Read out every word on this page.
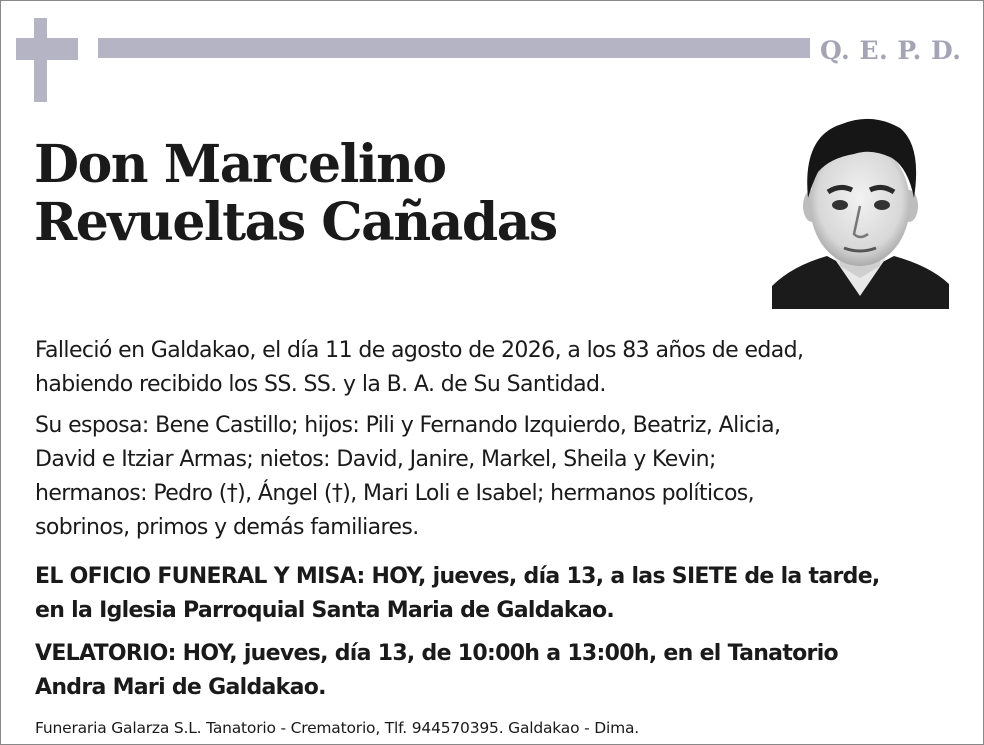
Q. E. P. D.
Don Marcelino
Revueltas Cañadas
Falleció en Galdakao, el día 11 de agosto de 2026, a los 83 años de edad,
habiendo recibido los SS. SS. y la B. A. de Su Santidad.
Su esposa: Bene Castillo; hijos: Pili y Fernando Izquierdo, Beatriz, Alicia,
David e Itziar Armas; nietos: David, Janire, Markel, Sheila y Kevin;
hermanos: Pedro (†), Ángel (†), Mari Loli e Isabel; hermanos políticos,
sobrinos, primos y demás familiares.
EL OFICIO FUNERAL Y MISA: HOY, jueves, día 13, a las SIETE de la tarde,
en la Iglesia Parroquial Santa Maria de Galdakao.
VELATORIO: HOY, jueves, día 13, de 10:00h a 13:00h, en el Tanatorio
Andra Mari de Galdakao.
Funeraria Galarza S.L. Tanatorio - Crematorio, Tlf. 944570395. Galdakao - Dima.
